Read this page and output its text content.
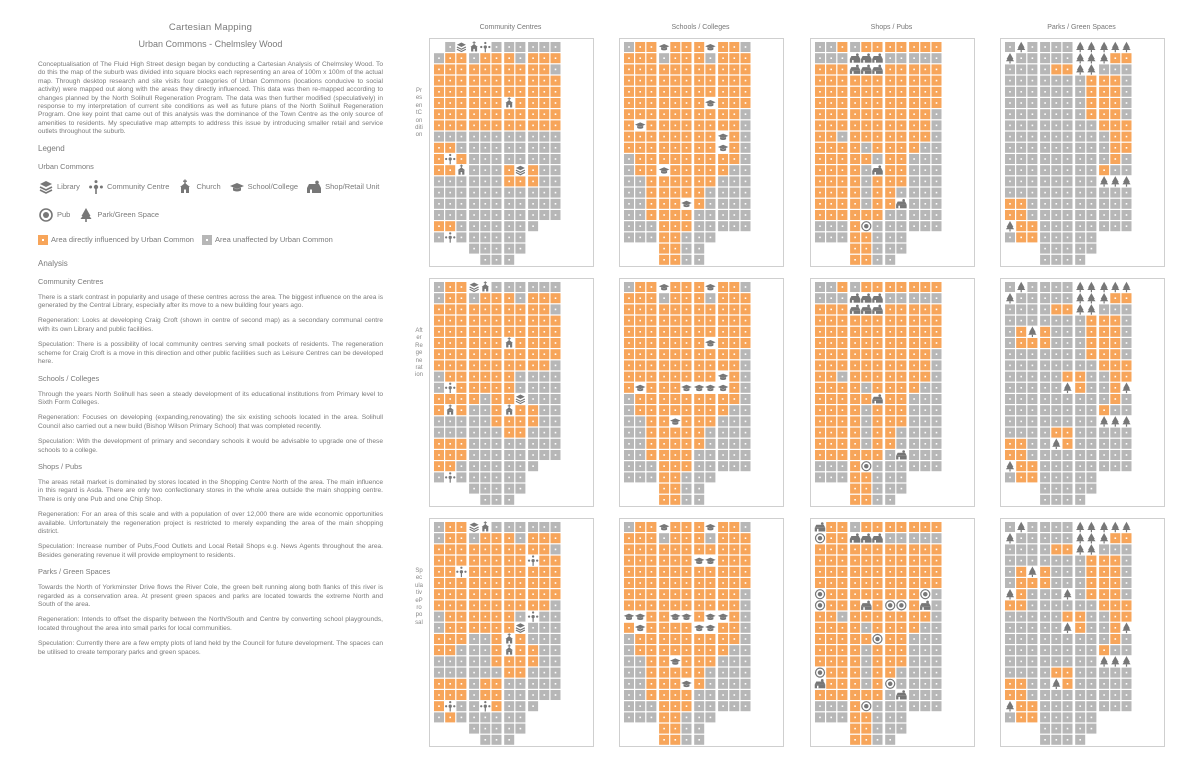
Cartesian Mapping
Urban Commons - Chelmsley Wood
Conceptualisation of The Fluid High Street design began by conducting a Cartesian Analysis of Chelmsley Wood. To do this the map of the suburb was divided into square blocks each representing an area of 100m x 100m of the actual map. Through desktop research and site visits four categories of Urban Commons (locations conducive to social activity) were mapped out along with the areas they directly influenced. This data was then re-mapped according to changes planned by the North Solihull Regeneration Program. The data was then further modified (speculatively) in response to my interpretation of current site conditions as well as future plans of the North Solihull Regeneration Program. One key point that came out of this analysis was the dominance of the Town Centre as the only source of amenities to residents. My speculative map attempts to address this issue by introducing smaller retail and service outlets throughout the suburb.
Legend
Urban Commons
Library	Community Centre	Church	School/College	Shop/Retail Unit
Pub	Park/Green Space
Area directly influenced by Urban Common	Area unaffected by Urban Common
Analysis
Community Centres
There is a stark contrast in popularity and usage of these centres across the area. The biggest influence on the area is generated by the Central Library, especially after its move to a new building four years ago.
Regeneration: Looks at developing Craig Croft (shown in centre of second map) as a secondary communal centre with its own Library and public facilities.
Speculation: There is a possibility of local community centres serving small pockets of residents. The regeneration scheme for Craig Croft is a move in this direction and other public facilities such as Leisure Centres can be developed here.
Schools / Colleges
Through the years North Solihull has seen a steady development of its educational institutions from Primary level to Sixth Form Colleges.
Regeneration: Focuses on developing (expanding,renovating) the six existing schools located in the area. Solihull Council also carried out a new build (Bishop Wilson Primary School) that was completed recently.
Speculation: With the development of primary and secondary schools it would be advisable to upgrade one of these schools to a college.
Shops / Pubs
The areas retail market is dominated by stores located in the Shopping Centre North of the area. The main influence in this regard is Asda. There are only two confectionary stores in the whole area outside the main shopping centre. There is only one Pub and one Chip Shop.
Regeneration: For an area of this scale and with a population of over 12,000 there are wide economic opportunities available. Unfortunately the regeneration project is restricted to merely expanding the area of the main shopping district.
Speculation: Increase number of Pubs,Food Outlets and Local Retail Shops e.g. News Agents throughout the area. Besides generating revenue it will provide employment to residents.
Parks / Green Spaces
Towards the North of Yorkminster Drive flows the River Cole, the green belt running along both flanks of this river is regarded as a conservation area. At present green spaces and parks are located towards the extreme North and South of the area.
Regeneration: Intends to offset the disparity between the North/South and Centre by converting school playgrounds, located throughout the area into small parks for local communities.
Speculation: Currently there are a few empty plots of land held by the Council for future development. The spaces can be utilised to create temporary parks and green spaces.
Community Centres	Schools / Colleges	Shops / Pubs	Parks / Green Spaces
PresentCondition
AfterRegeneration
SpeculativeProposal
